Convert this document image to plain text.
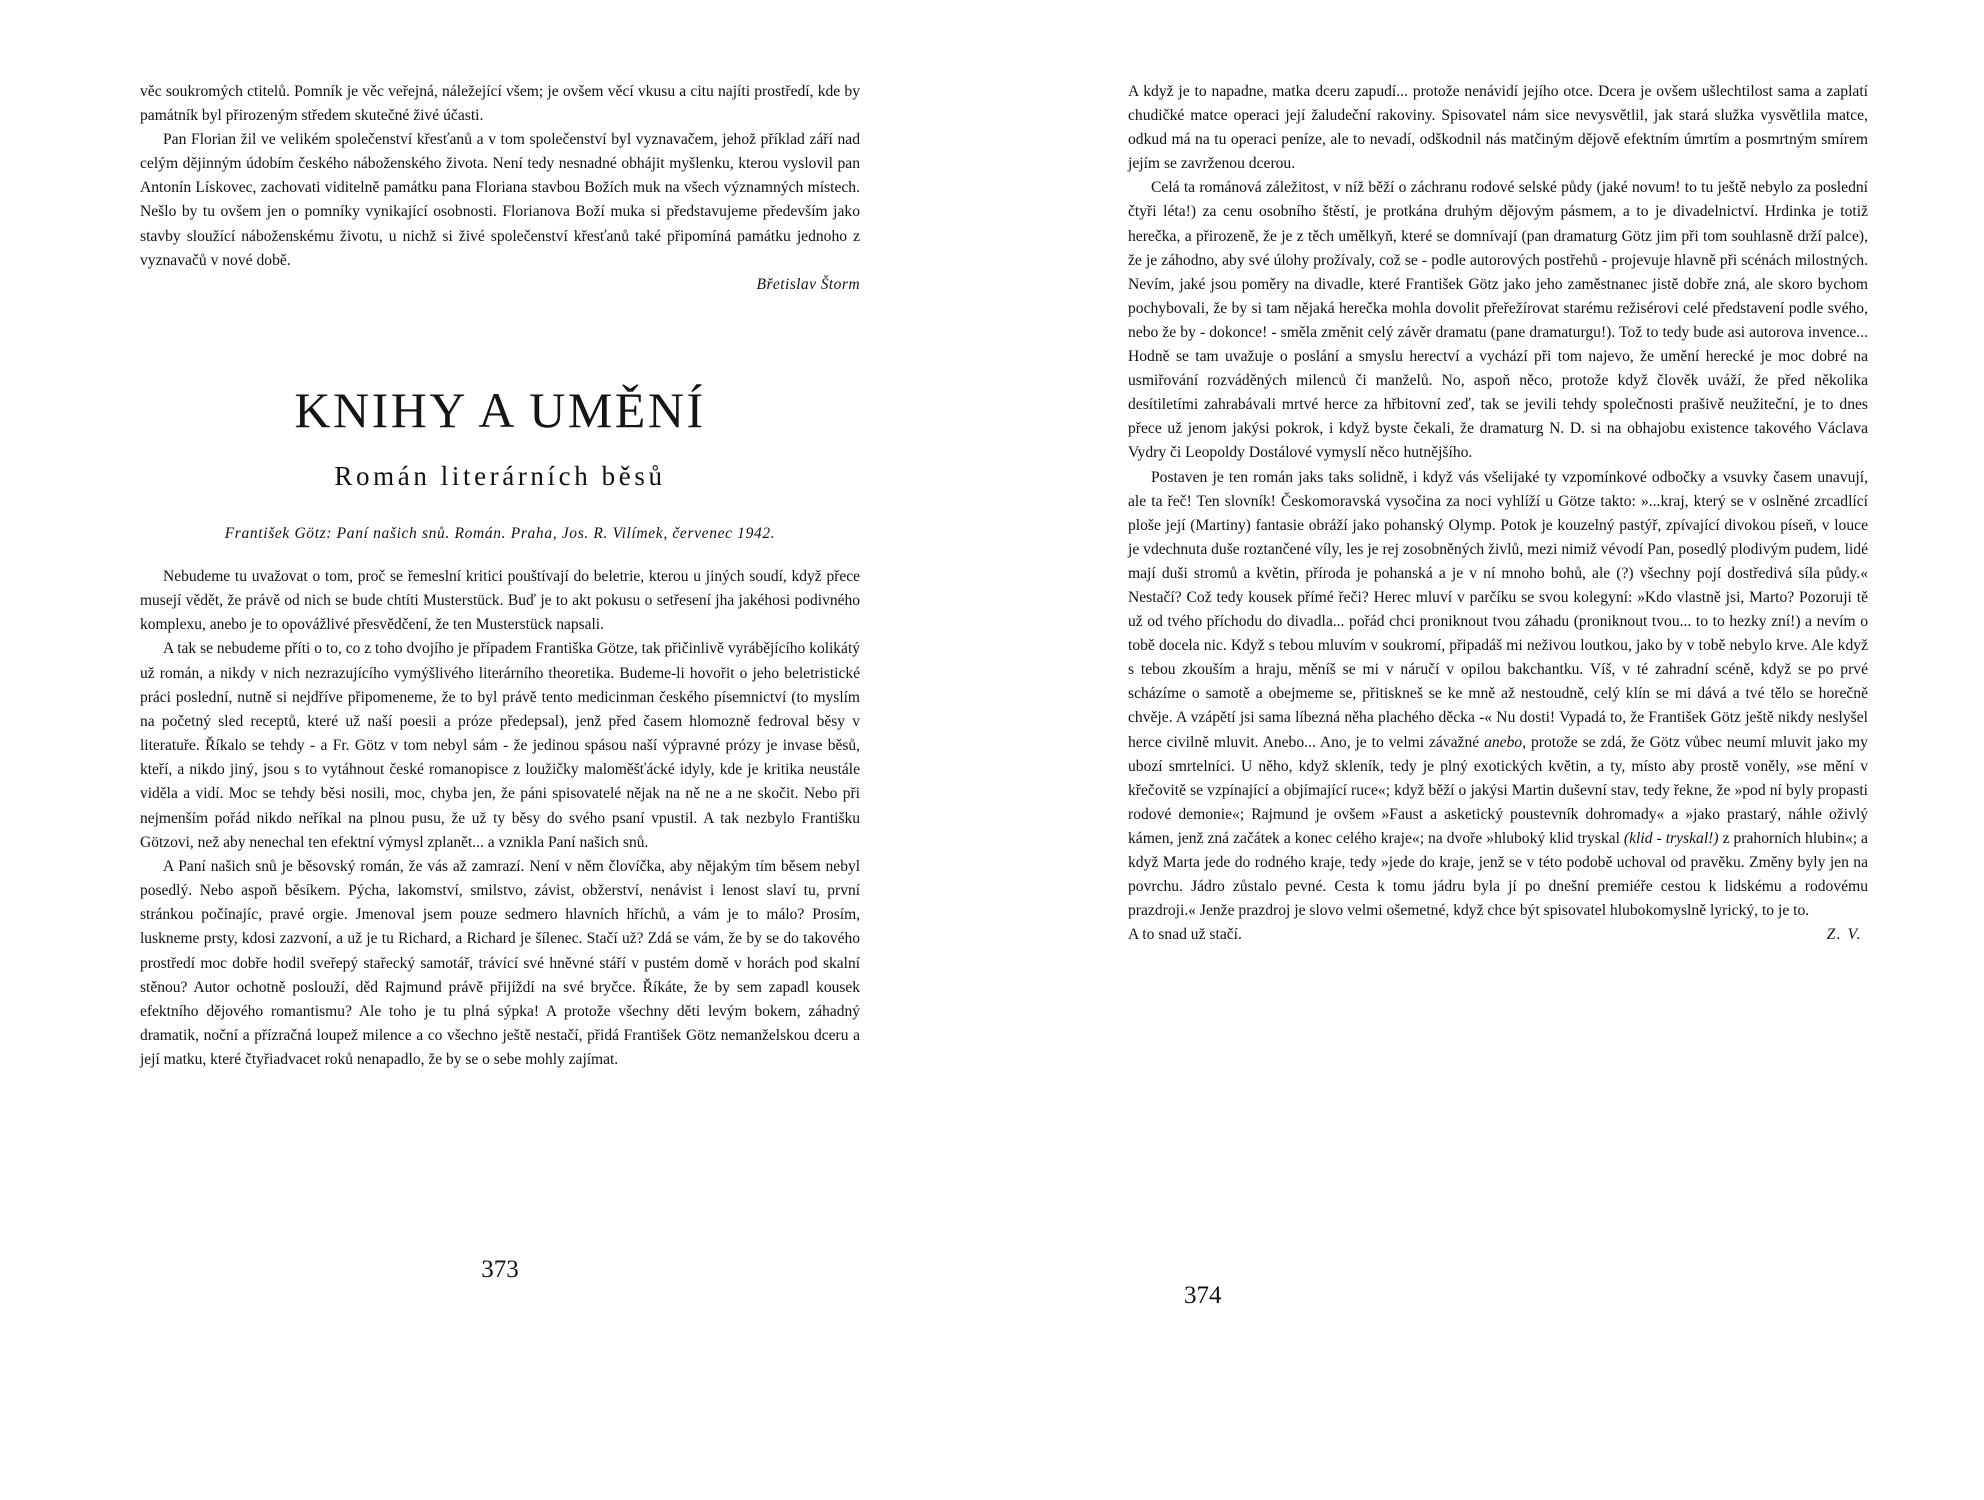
věc soukromých ctitelů. Pomník je věc veřejná, náležející všem; je ovšem věcí vkusu a citu najíti prostředí, kde by památník byl přirozeným středem skutečné živé účasti.

Pan Florian žil ve velikém společenství křesťanů a v tom společenství byl vyznavačem, jehož příklad září nad celým dějinným údobím českého náboženského života. Není tedy nesnadné obhájit myšlenku, kterou vyslovil pan Antonín Lískovec, zachovati viditelně památku pana Floriana stavbou Božích muk na všech významných místech. Nešlo by tu ovšem jen o pomníky vynikající osobnosti. Florianova Boží muka si představujeme především jako stavby sloužící náboženskému životu, u nichž si živé společenství křesťanů také připomíná památku jednoho z vyznavačů v nové době.

Břetislav Štorm

KNIHY A UMĚNÍ
Román literárních běsů

František Götz: Paní našich snů. Román. Praha, Jos. R. Vilímek, červenec 1942.

Nebudeme tu uvažovat o tom, proč se řemeslní kritici pouštívají do beletrie, kterou u jiných soudí, když přece musejí vědět, že právě od nich se bude chtíti Musterstück. Buď je to akt pokusu o setřesení jha jakéhosi podivného komplexu, anebo je to opovážlivé přesvědčení, že ten Musterstück napsali.

A tak se nebudeme příti o to, co z toho dvojího je případem Františka Götze, tak přičinlivě vyrábějícího kolikátý už román, a nikdy v nich nezrazujícího vymýšlivého literárního theoretika. Budeme-li hovořit o jeho beletristické práci poslední, nutně si nejdříve připomeneme, že to byl právě tento medicinman českého písemnictví (to myslím na početný sled receptů, které už naší poesii a próze předepsal), jenž před časem hlomozně fedroval běsy v literatuře. Říkalo se tehdy - a Fr. Götz v tom nebyl sám - že jedinou spásou naší výpravné prózy je invase běsů, kteří, a nikdo jiný, jsou s to vytáhnout české romanopisce z loužičky maloměšťácké idyly, kde je kritika neustále viděla a vidí. Moc se tehdy běsi nosili, moc, chyba jen, že páni spisovatelé nějak na ně ne a ne skočit. Nebo při nejmenším pořád nikdo neříkal na plnou pusu, že už ty běsy do svého psaní vpustil. A tak nezbylo Františku Götzovi, než aby nenechal ten efektní výmysl zplanět... a vznikla Paní našich snů.

A Paní našich snů je běsovský román, že vás až zamrazí. Není v něm človíčka, aby nějakým tím běsem nebyl posedlý. Nebo aspoň běsíkem. Pýcha, lakomství, smilstvo, závist, obžerství, nenávist i lenost slaví tu, první stránkou počínajíc, pravé orgie. Jmenoval jsem pouze sedmero hlavních hříchů, a vám je to málo? Prosím, luskneme prsty, kdosi zazvoní, a už je tu Richard, a Richard je šílenec. Stačí už? Zdá se vám, že by se do takového prostředí moc dobře hodil sveřepý stařecký samotář, trávící své hněvné stáří v pustém domě v horách pod skalní stěnou? Autor ochotně poslouží, děd Rajmund právě přijíždí na své bryčce. Říkáte, že by sem zapadl kousek efektního dějového romantismu? Ale toho je tu plná sýpka! A protože všechny děti levým bokem, záhadný dramatik, noční a přízračná loupež milence a co všechno ještě nestačí, přidá František Götz nemanželskou dceru a její matku, které čtyřiadvacet roků nenapadlo, že by se o sebe mohly zajímat.

373

A když je to napadne, matka dceru zapudí... protože nenávidí jejího otce. Dcera je ovšem ušlechtilost sama a zaplatí chudičké matce operaci její žaludeční rakoviny. Spisovatel nám sice nevysvětlil, jak stará služka vysvětlila matce, odkud má na tu operaci peníze, ale to nevadí, odškodnil nás matčiným dějově efektním úmrtím a posmrtným smírem jejím se zavrženou dcerou.

Celá ta románová záležitost, v níž běží o záchranu rodové selské půdy (jaké novum! to tu ještě nebylo za poslední čtyři léta!) za cenu osobního štěstí, je protkána druhým dějovým pásmem, a to je divadelnictví. Hrdinka je totiž herečka, a přirozeně, že je z těch umělkyň, které se domnívají (pan dramaturg Götz jim při tom souhlasně drží palce), že je záhodno, aby své úlohy prožívaly, což se - podle autorových postřehů - projevuje hlavně při scénách milostných. Nevím, jaké jsou poměry na divadle, které František Götz jako jeho zaměstnanec jistě dobře zná, ale skoro bychom pochybovali, že by si tam nějaká herečka mohla dovolit přeřežírovat starému režisérovi celé představení podle svého, nebo že by - dokonce! - směla změnit celý závěr dramatu (pane dramaturgu!). Tož to tedy bude asi autorova invence... Hodně se tam uvažuje o poslání a smyslu herectví a vychází při tom najevo, že umění herecké je moc dobré na usmiřování rozváděných milenců či manželů. No, aspoň něco, protože když člověk uváží, že před několika desítiletími zahrabávali mrtvé herce za hřbitovní zeď, tak se jevili tehdy společnosti prašivě neužiteční, je to dnes přece už jenom jakýsi pokrok, i když byste čekali, že dramaturg N. D. si na obhajobu existence takového Václava Vydry či Leopoldy Dostálové vymyslí něco hutnějšího.

Postaven je ten román jaks taks solidně, i když vás všelijaké ty vzpomínkové odbočky a vsuvky časem unavují, ale ta řeč! Ten slovník! Českomoravská vysočina za noci vyhlíží u Götze takto: »...kraj, který se v oslněné zrcadlící ploše její (Martiny) fantasie obráží jako pohanský Olymp. Potok je kouzelný pastýř, zpívající divokou píseň, v louce je vdechnuta duše roztančené víly, les je rej zosobněných živlů, mezi nimiž vévodí Pan, posedlý plodivým pudem, lidé mají duši stromů a květin, příroda je pohanská a je v ní mnoho bohů, ale (?) všechny pojí dostředivá síla půdy.« Nestačí? Což tedy kousek přímé řeči? Herec mluví v parčíku se svou kolegyní: »Kdo vlastně jsi, Marto? Pozoruji tě už od tvého příchodu do divadla... pořád chci proniknout tvou záhadu (proniknout tvou... to to hezky zní!) a nevím o tobě docela nic. Když s tebou mluvím v soukromí, připadáš mi neživou loutkou, jako by v tobě nebylo krve. Ale když s tebou zkouším a hraju, měníš se mi v náručí v opilou bakchantku. Víš, v té zahradní scéně, když se po prvé scházíme o samotě a obejmeme se, přitiskneš se ke mně až nestoudně, celý klín se mi dává a tvé tělo se horečně chvěje. A vzápětí jsi sama líbezná něha plachého děcka -« Nu dosti! Vypadá to, že František Götz ještě nikdy neslyšel herce civilně mluvit. Anebo... Ano, je to velmi závažné anebo, protože se zdá, že Götz vůbec neumí mluvit jako my ubozí smrtelníci. U něho, když skleník, tedy je plný exotických květin, a ty, místo aby prostě voněly, »se mění v křečovitě se vzpínající a objímající ruce«; když běží o jakýsi Martin duševní stav, tedy řekne, že »pod ní byly propasti rodové demonie«; Rajmund je ovšem »Faust a asketický poustevník dohromady« a »jako prastarý, náhle oživlý kámen, jenž zná začátek a konec celého kraje«; na dvoře »hluboký klid tryskal (klid - tryskal!) z prahorních hlubin«; a když Marta jede do rodného kraje, tedy »jede do kraje, jenž se v této podobě uchoval od pravěku. Změny byly jen na povrchu. Jádro zůstalo pevné. Cesta k tomu jádru byla jí po dnešní premiéře cestou k lidskému a rodovému prazdroji.« Jenže prazdroj je slovo velmi ošemetné, když chce být spisovatel hlubokomyslně lyrický, to je to.

A to snad už stačí.	Z. V.

374
